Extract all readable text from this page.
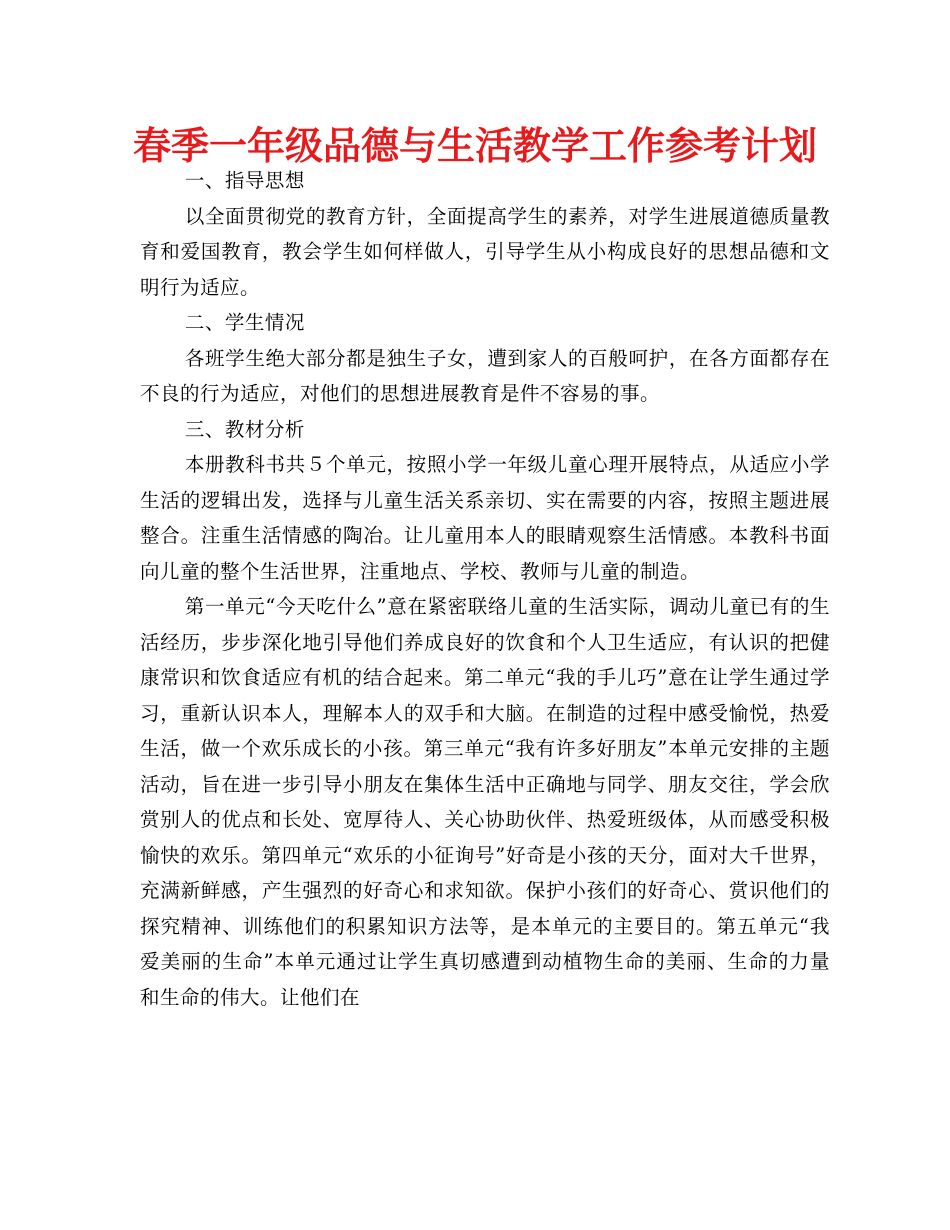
春季一年级品德与生活教学工作参考计划

一、指导思想

以全面贯彻党的教育方针，全面提高学生的素养，对学生进展道德质量教育和爱国教育，教会学生如何样做人，引导学生从小构成良好的思想品德和文明行为适应。

二、学生情况

各班学生绝大部分都是独生子女，遭到家人的百般呵护，在各方面都存在不良的行为适应，对他们的思想进展教育是件不容易的事。

三、教材分析

本册教科书共５个单元，按照小学一年级儿童心理开展特点，从适应小学生活的逻辑出发，选择与儿童生活关系亲切、实在需要的内容，按照主题进展整合。注重生活情感的陶冶。让儿童用本人的眼睛观察生活情感。本教科书面向儿童的整个生活世界，注重地点、学校、教师与儿童的制造。

第一单元“今天吃什么”意在紧密联络儿童的生活实际，调动儿童已有的生活经历，步步深化地引导他们养成良好的饮食和个人卫生适应，有认识的把健康常识和饮食适应有机的结合起来。第二单元“我的手儿巧”意在让学生通过学习，重新认识本人，理解本人的双手和大脑。在制造的过程中感受愉悦，热爱生活，做一个欢乐成长的小孩。第三单元“我有许多好朋友”本单元安排的主题活动，旨在进一步引导小朋友在集体生活中正确地与同学、朋友交往，学会欣赏别人的优点和长处、宽厚待人、关心协助伙伴、热爱班级体，从而感受积极愉快的欢乐。第四单元“欢乐的小征询号”好奇是小孩的天分，面对大千世界，充满新鲜感，产生强烈的好奇心和求知欲。保护小孩们的好奇心、赏识他们的探究精神、训练他们的积累知识方法等，是本单元的主要目的。第五单元“我爱美丽的生命”本单元通过让学生真切感遭到动植物生命的美丽、生命的力量和生命的伟大。让他们在
